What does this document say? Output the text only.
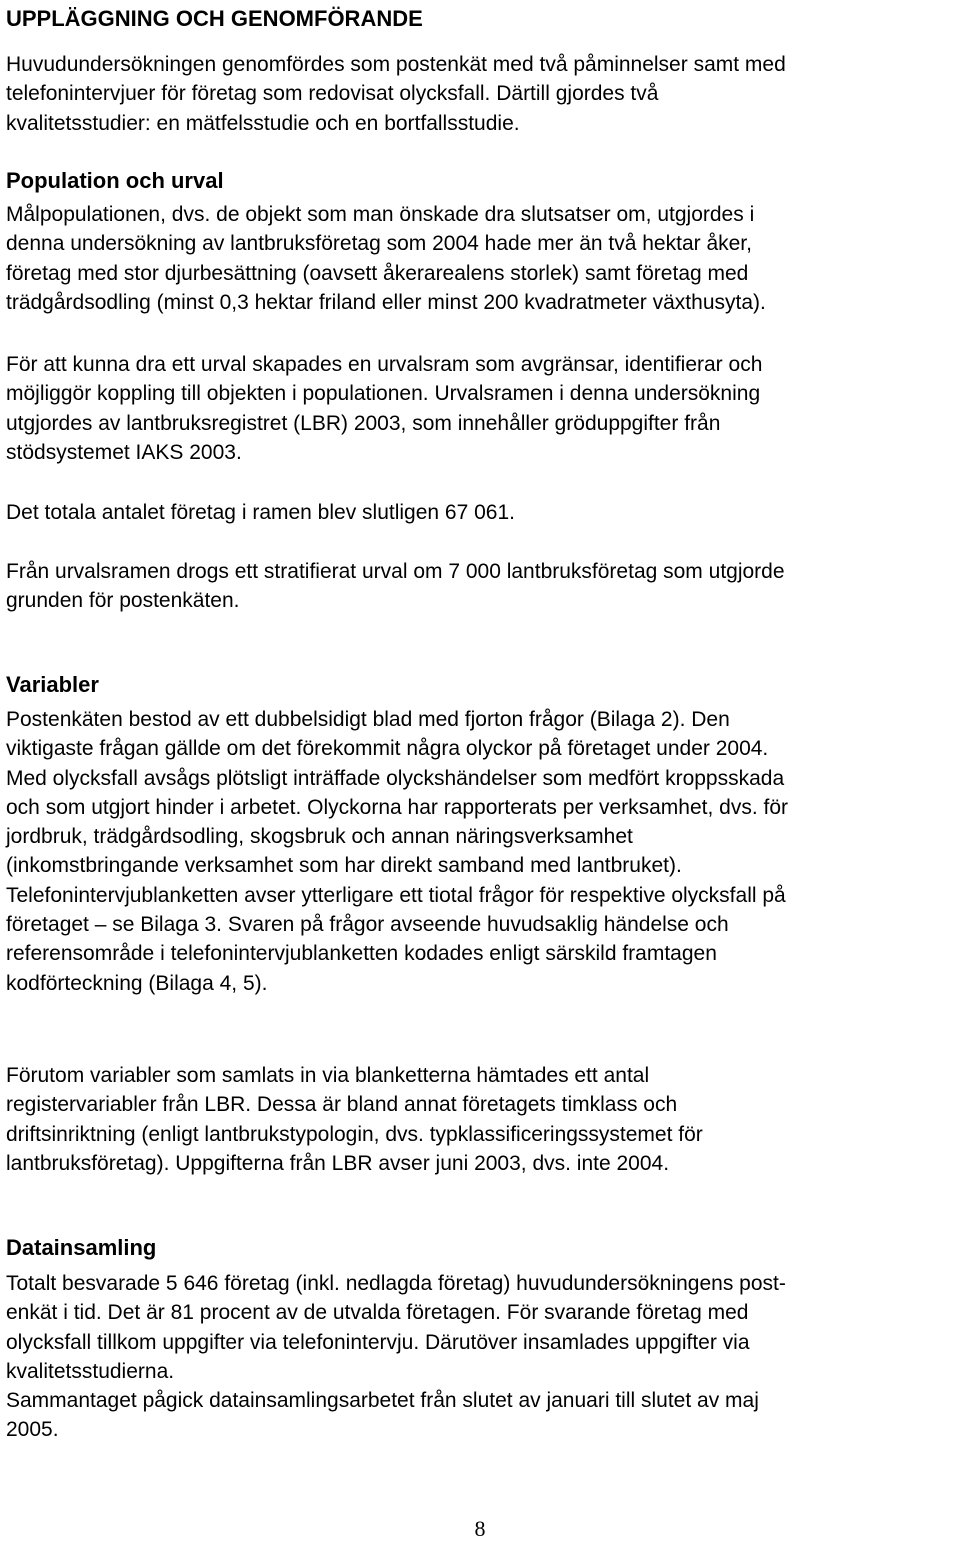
UPPLÄGGNING OCH GENOMFÖRANDE

Huvudundersökningen genomfördes som postenkät med två påminnelser samt med
telefonintervjuer för företag som redovisat olycksfall. Därtill gjordes två
kvalitetsstudier: en mätfelsstudie och en bortfallsstudie.

Population och urval

Målpopulationen, dvs. de objekt som man önskade dra slutsatser om, utgjordes i
denna undersökning av lantbruksföretag som 2004 hade mer än två hektar åker,
företag med stor djurbesättning (oavsett åkerarealens storlek) samt företag med
trädgårdsodling (minst 0,3 hektar friland eller minst 200 kvadratmeter växthusyta).

För att kunna dra ett urval skapades en urvalsram som avgränsar, identifierar och
möjliggör koppling till objekten i populationen. Urvalsramen i denna undersökning
utgjordes av lantbruksregistret (LBR) 2003, som innehåller gröduppgifter från
stödsystemet IAKS 2003.

Det totala antalet företag i ramen blev slutligen 67 061.

Från urvalsramen drogs ett stratifierat urval om 7 000 lantbruksföretag som utgjorde
grunden för postenkäten.

Variabler

Postenkäten bestod av ett dubbelsidigt blad med fjorton frågor (Bilaga 2). Den
viktigaste frågan gällde om det förekommit några olyckor på företaget under 2004.
Med olycksfall avsågs plötsligt inträffade olyckshändelser som medfört kroppsskada
och som utgjort hinder i arbetet. Olyckorna har rapporterats per verksamhet, dvs. för
jordbruk, trädgårdsodling, skogsbruk och annan näringsverksamhet
(inkomstbringande verksamhet som har direkt samband med lantbruket).
Telefonintervjublanketten avser ytterligare ett tiotal frågor för respektive olycksfall på
företaget – se Bilaga 3. Svaren på frågor avseende huvudsaklig händelse och
referensområde i telefonintervjublanketten kodades enligt särskild framtagen
kodförteckning (Bilaga 4, 5).

Förutom variabler som samlats in via blanketterna hämtades ett antal
registervariabler från LBR. Dessa är bland annat företagets timklass och
driftsinriktning (enligt lantbrukstypologin, dvs. typklassificeringssystemet för
lantbruksföretag). Uppgifterna från LBR avser juni 2003, dvs. inte 2004.

Datainsamling

Totalt besvarade 5 646 företag (inkl. nedlagda företag) huvudundersökningens post-
enkät i tid. Det är 81 procent av de utvalda företagen. För svarande företag med
olycksfall tillkom uppgifter via telefonintervju. Därutöver insamlades uppgifter via
kvalitetsstudierna.
Sammantaget pågick datainsamlingsarbetet från slutet av januari till slutet av maj
2005.

8
